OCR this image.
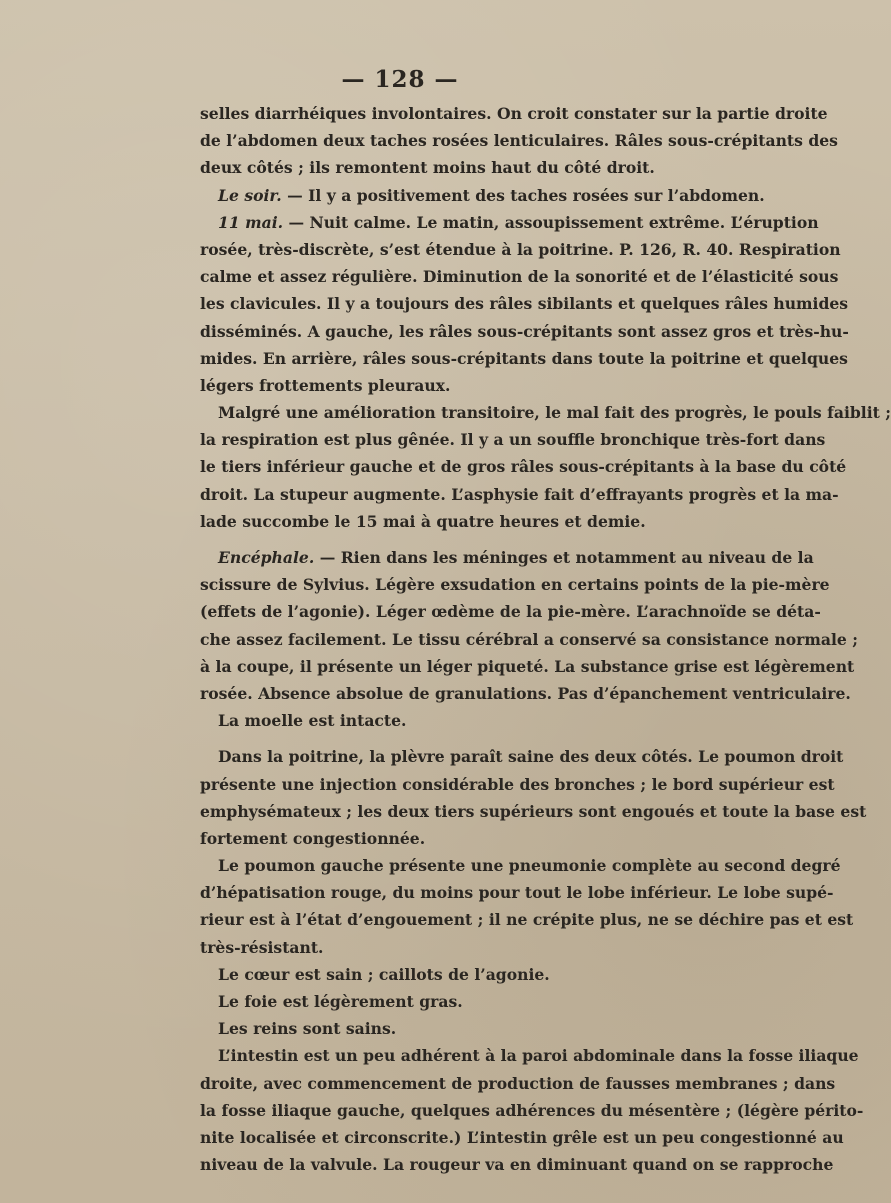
— 128 —
selles diarrhéiques involontaires. On croit constater sur la partie droite
de l’abdomen deux taches rosées lenticulaires. Râles sous-crépitants des
deux côtés ; ils remontent moins haut du côté droit.
Le soir. — Il y a positivement des taches rosées sur l’abdomen.
11 mai. — Nuit calme. Le matin, assoupissement extrême. L’éruption
rosée, très-discrète, s’est étendue à la poitrine. P. 126, R. 40. Respiration
calme et assez régulière. Diminution de la sonorité et de l’élasticité sous
les clavicules. Il y a toujours des râles sibilants et quelques râles humides
disséminés. A gauche, les râles sous-crépitants sont assez gros et très-hu-
mides. En arrière, râles sous-crépitants dans toute la poitrine et quelques
légers frottements pleuraux.
Malgré une amélioration transitoire, le mal fait des progrès, le pouls faiblit ;
la respiration est plus gênée. Il y a un souffle bronchique très-fort dans
le tiers inférieur gauche et de gros râles sous-crépitants à la base du côté
droit. La stupeur augmente. L’asphysie fait d’effrayants progrès et la ma-
lade succombe le 15 mai à quatre heures et demie.
Encéphale. — Rien dans les méninges et notamment au niveau de la
scissure de Sylvius. Légère exsudation en certains points de la pie-mère
(effets de l’agonie). Léger œdème de la pie-mère. L’arachnoïde se déta-
che assez facilement. Le tissu cérébral a conservé sa consistance normale ;
à la coupe, il présente un léger piqueté. La substance grise est légèrement
rosée. Absence absolue de granulations. Pas d’épanchement ventriculaire.
La moelle est intacte.
Dans la poitrine, la plèvre paraît saine des deux côtés. Le poumon droit
présente une injection considérable des bronches ; le bord supérieur est
emphysémateux ; les deux tiers supérieurs sont engoués et toute la base est
fortement congestionnée.
Le poumon gauche présente une pneumonie complète au second degré
d’hépatisation rouge, du moins pour tout le lobe inférieur. Le lobe supé-
rieur est à l’état d’engouement ; il ne crépite plus, ne se déchire pas et est
très-résistant.
Le cœur est sain ; caillots de l’agonie.
Le foie est légèrement gras.
Les reins sont sains.
L’intestin est un peu adhérent à la paroi abdominale dans la fosse iliaque
droite, avec commencement de production de fausses membranes ; dans
la fosse iliaque gauche, quelques adhérences du mésentère ; (légère périto-
nite localisée et circonscrite.) L’intestin grêle est un peu congestionné au
niveau de la valvule. La rougeur va en diminuant quand on se rapproche
